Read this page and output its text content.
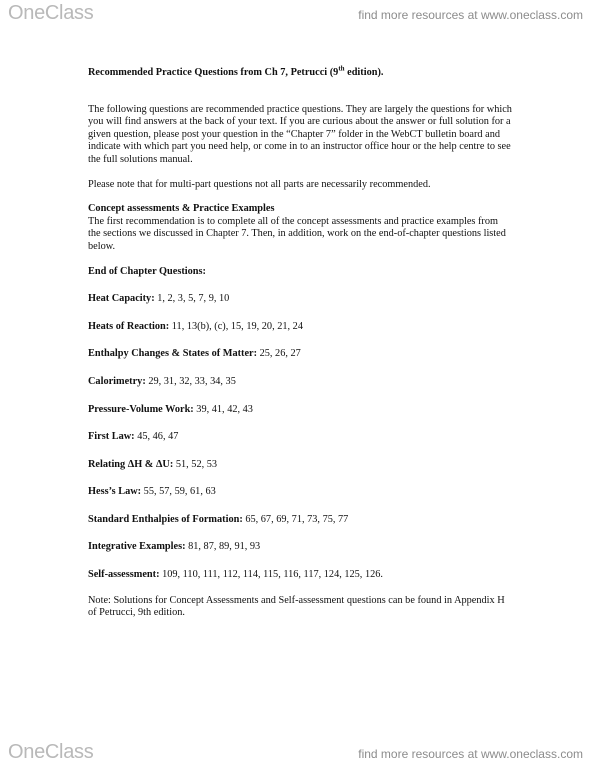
OneClass	find more resources at www.oneclass.com

Recommended Practice Questions from Ch 7, Petrucci (9th edition).

The following questions are recommended practice questions. They are largely the questions for which you will find answers at the back of your text. If you are curious about the answer or full solution for a given question, please post your question in the “Chapter 7” folder in the WebCT bulletin board and indicate with which part you need help, or come in to an instructor office hour or the help centre to see the full solutions manual.

Please note that for multi-part questions not all parts are necessarily recommended.

Concept assessments & Practice Examples

The first recommendation is to complete all of the concept assessments and practice examples from the sections we discussed in Chapter 7. Then, in addition, work on the end-of-chapter questions listed below.

End of Chapter Questions:

Heat Capacity: 1, 2, 3, 5, 7, 9, 10

Heats of Reaction: 11, 13(b), (c), 15, 19, 20, 21, 24

Enthalpy Changes & States of Matter: 25, 26, 27

Calorimetry: 29, 31, 32, 33, 34, 35

Pressure-Volume Work: 39, 41, 42, 43

First Law: 45, 46, 47

Relating ΔH & ΔU: 51, 52, 53

Hess’s Law: 55, 57, 59, 61, 63

Standard Enthalpies of Formation: 65, 67, 69, 71, 73, 75, 77

Integrative Examples: 81, 87, 89, 91, 93

Self-assessment: 109, 110, 111, 112, 114, 115, 116, 117, 124, 125, 126.

Note: Solutions for Concept Assessments and Self-assessment questions can be found in Appendix H of Petrucci, 9th edition.

OneClass	find more resources at www.oneclass.com
